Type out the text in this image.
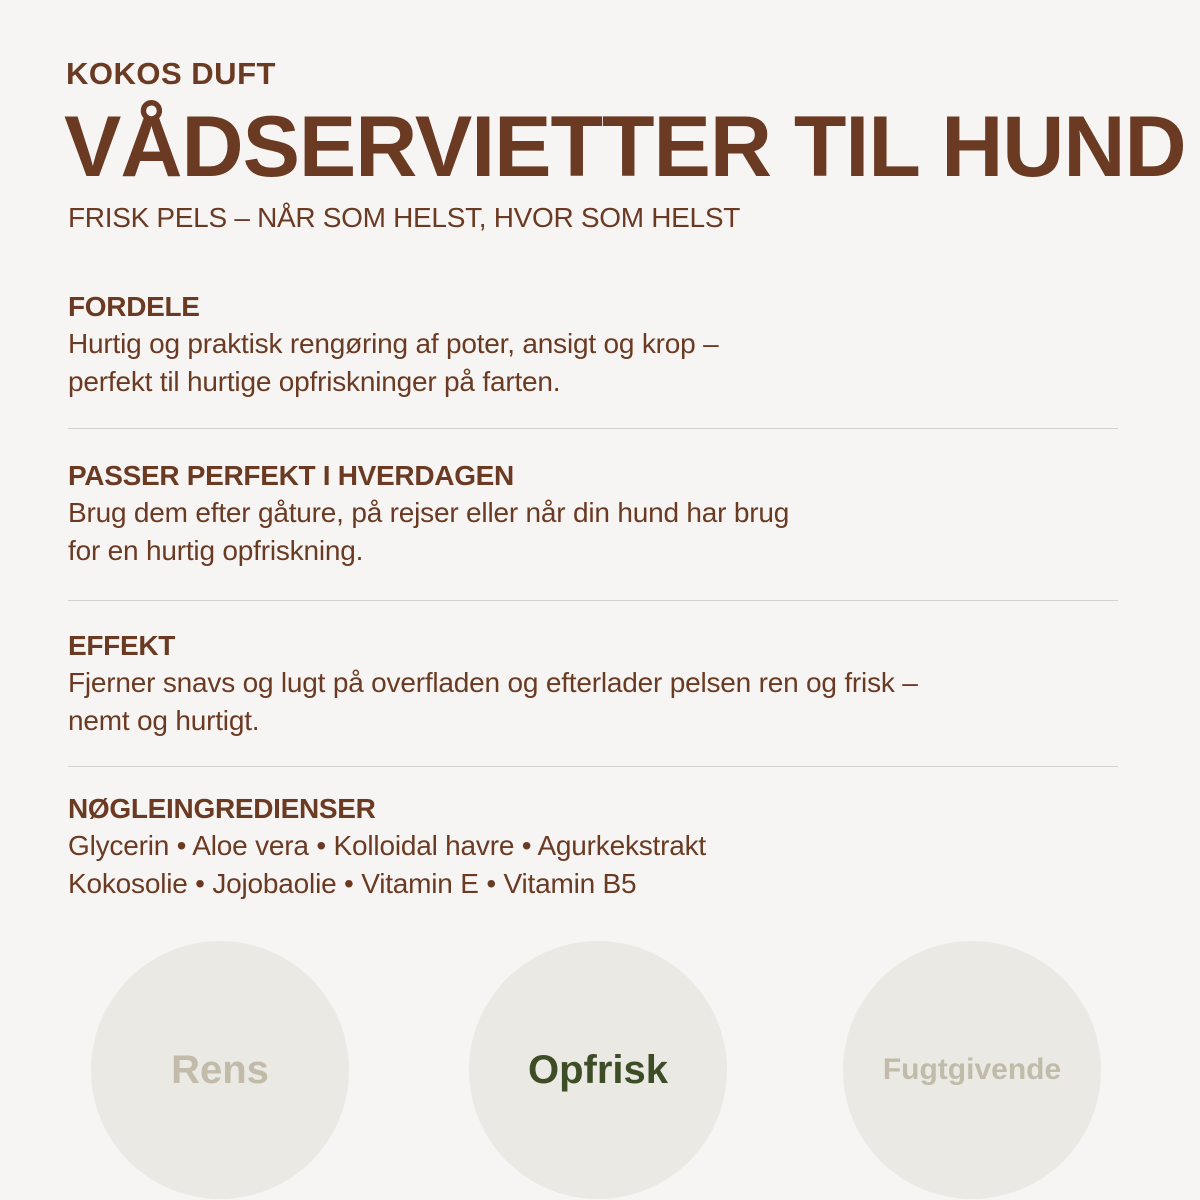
KOKOS DUFT
VÅDSERVIETTER TIL HUND
FRISK PELS – NÅR SOM HELST, HVOR SOM HELST
FORDELE
Hurtig og praktisk rengøring af poter, ansigt og krop –
perfekt til hurtige opfriskninger på farten.
PASSER PERFEKT I HVERDAGEN
Brug dem efter gåture, på rejser eller når din hund har brug
for en hurtig opfriskning.
EFFEKT
Fjerner snavs og lugt på overfladen og efterlader pelsen ren og frisk –
nemt og hurtigt.
NØGLEINGREDIENSER
Glycerin • Aloe vera • Kolloidal havre • Agurkekstrakt
Kokosolie • Jojobaolie • Vitamin E • Vitamin B5
Rens	Opfrisk	Fugtgivende
